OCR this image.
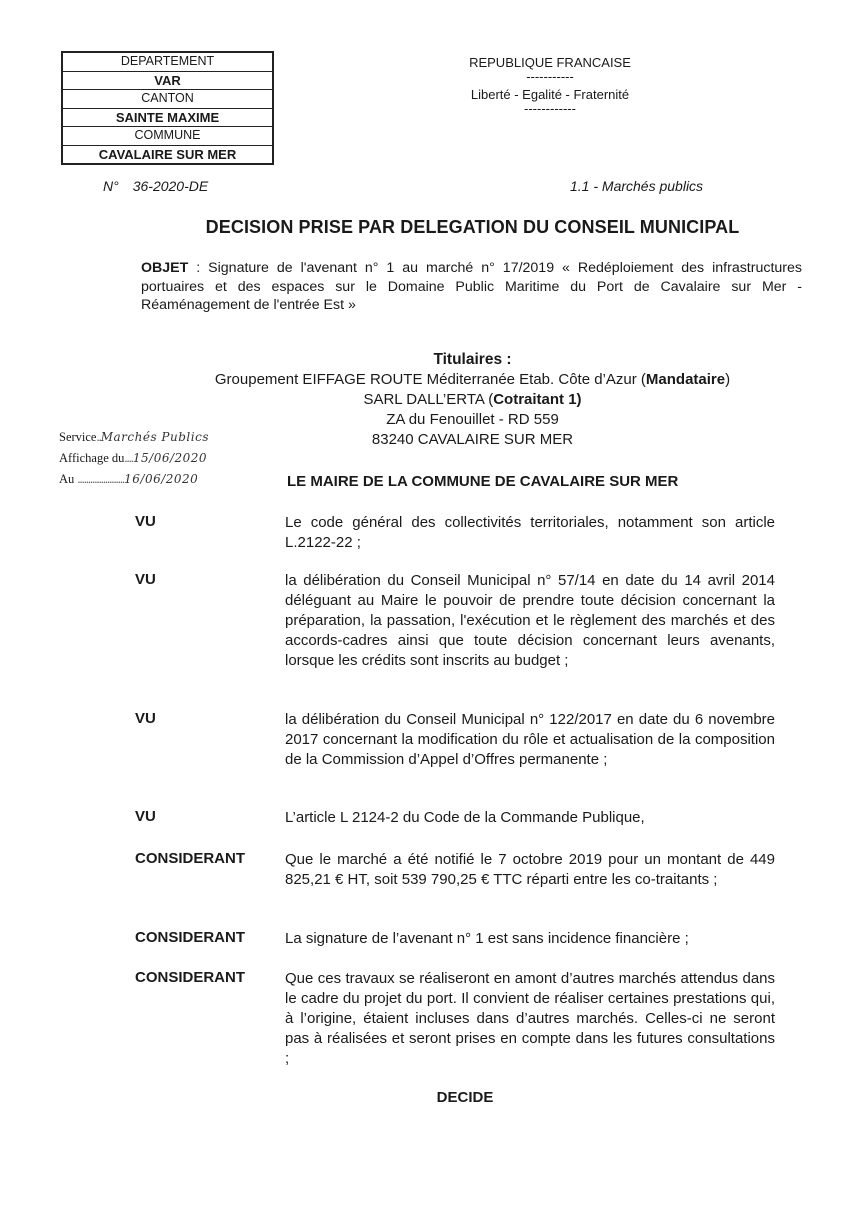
DEPARTEMENT
VAR
CANTON
SAINTE MAXIME
COMMUNE
CAVALAIRE SUR MER
REPUBLIQUE FRANCAISE
-----------
Liberté - Egalité - Fraternité
------------
N° 36-2020-DE	1.1 - Marchés publics
DECISION PRISE PAR DELEGATION DU CONSEIL MUNICIPAL
OBJET : Signature de l'avenant n° 1 au marché n° 17/2019 « Redéploiement des infrastructures portuaires et des espaces sur le Domaine Public Maritime du Port de Cavalaire sur Mer - Réaménagement de l'entrée Est »
Titulaires :
Groupement EIFFAGE ROUTE Méditerranée Etab. Côte d’Azur (Mandataire)
SARL DALL’ERTA (Cotraitant 1)
ZA du Fenouillet - RD 559
83240 CAVALAIRE SUR MER
Service..Marchés Publics
Affichage du....15/06/2020
Au ......................16/06/2020	LE MAIRE DE LA COMMUNE DE CAVALAIRE SUR MER
VU	Le code général des collectivités territoriales, notamment son article L.2122-22 ;
VU	la délibération du Conseil Municipal n° 57/14 en date du 14 avril 2014 déléguant au Maire le pouvoir de prendre toute décision concernant la préparation, la passation, l'exécution et le règlement des marchés et des accords-cadres ainsi que toute décision concernant leurs avenants, lorsque les crédits sont inscrits au budget ;
VU	la délibération du Conseil Municipal n° 122/2017 en date du 6 novembre 2017 concernant la modification du rôle et actualisation de la composition de la Commission d’Appel d’Offres permanente ;
VU	L’article L 2124-2 du Code de la Commande Publique,
CONSIDERANT	Que le marché a été notifié le 7 octobre 2019 pour un montant de 449 825,21 € HT, soit 539 790,25 € TTC réparti entre les co-traitants ;
CONSIDERANT	La signature de l’avenant n° 1 est sans incidence financière ;
CONSIDERANT	Que ces travaux se réaliseront en amont d’autres marchés attendus dans le cadre du projet du port. Il convient de réaliser certaines prestations qui, à l’origine, étaient incluses dans d’autres marchés. Celles-ci ne seront pas à réalisées et seront prises en compte dans les futures consultations ;
DECIDE
